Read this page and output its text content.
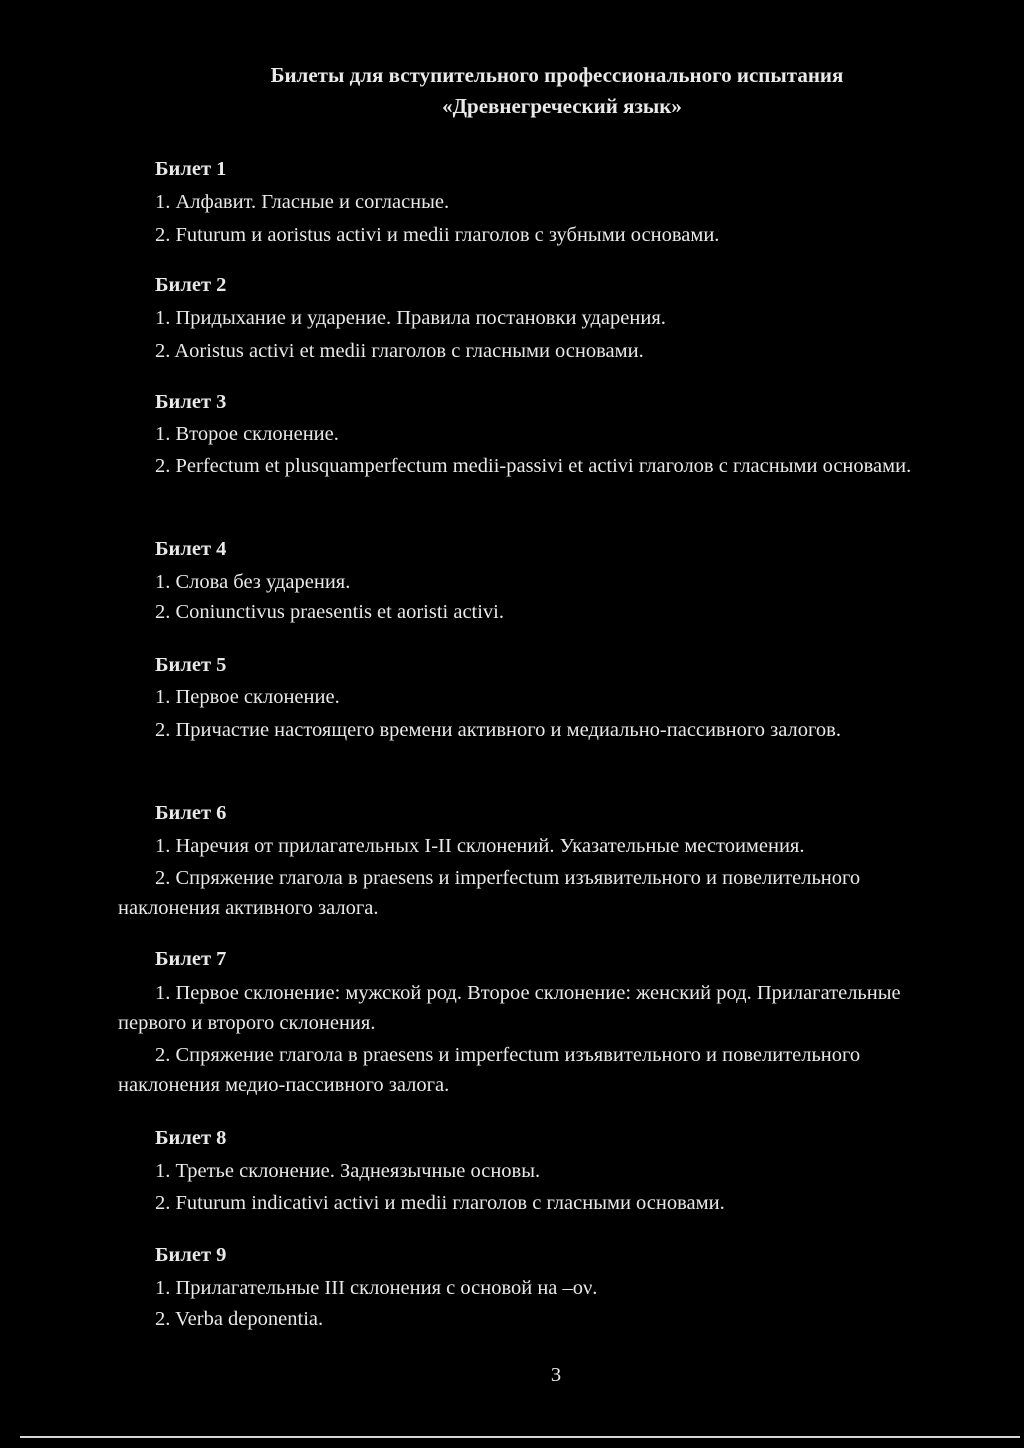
Билеты для вступительного профессионального испытания
«Древнегреческий язык»
Билет 1
1. Алфавит. Гласные и согласные.
2. Futurum и aoristus activi и medii глаголов с зубными основами.
Билет 2
1. Придыхание и ударение. Правила постановки ударения.
2. Aoristus activi et medii глаголов с гласными основами.
Билет 3
1. Второе склонение.
2. Perfectum et plusquamperfectum medii-passivi et activi глаголов с гласными основами.
Билет 4
1. Слова без ударения.
2. Coniunctivus praesentis et aoristi activi.
Билет 5
1. Первое склонение.
2. Причастие настоящего времени активного и медиально-пассивного залогов.
Билет 6
1. Наречия от прилагательных I-II склонений. Указательные местоимения.
2. Спряжение глагола в praesens и imperfectum изъявительного и повелительного наклонения активного залога.
Билет 7
1. Первое склонение: мужской род. Второе склонение: женский род. Прилагательные первого и второго склонения.
2. Спряжение глагола в praesens и imperfectum изъявительного и повелительного наклонения медио-пассивного залога.
Билет 8
1. Третье склонение. Заднеязычные основы.
2. Futurum indicativi activi и medii глаголов с гласными основами.
Билет 9
1. Прилагательные III склонения с основой на –ον.
2. Verba deponentia.
3
